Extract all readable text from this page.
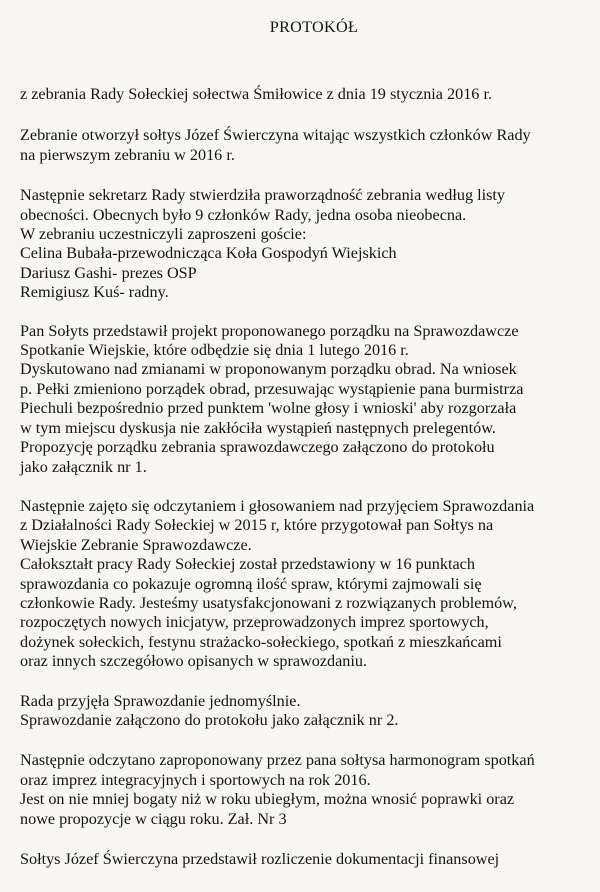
PROTOKÓŁ
z zebrania Rady Sołeckiej sołectwa Śmiłowice z dnia 19 stycznia 2016 r.
Zebranie otworzył sołtys Józef Świerczyna witając wszystkich członków Rady
na pierwszym zebraniu w 2016 r.
Następnie sekretarz Rady stwierdziła praworządność zebrania według listy
obecności. Obecnych było 9 członków Rady, jedna osoba nieobecna.
W zebraniu uczestniczyli zaproszeni goście:
Celina Bubała-przewodnicząca Koła Gospodyń Wiejskich
Dariusz Gashi- prezes OSP
Remigiusz Kuś- radny.
Pan Sołyts przedstawił projekt proponowanego porządku na Sprawozdawcze
Spotkanie Wiejskie, które odbędzie się dnia 1 lutego 2016 r.
Dyskutowano nad zmianami w proponowanym porządku obrad. Na wniosek
p. Pełki zmieniono porządek obrad, przesuwając wystąpienie pana burmistrza
Piechuli bezpośrednio przed punktem 'wolne głosy i wnioski' aby rozgorzała
w tym miejscu dyskusja nie zakłóciła wystąpień następnych prelegentów.
Propozycję porządku zebrania sprawozdawczego załączono do protokołu
jako załącznik nr 1.
Następnie zajęto się odczytaniem i głosowaniem nad przyjęciem Sprawozdania
z Działalności Rady Sołeckiej w 2015 r, które przygotował pan Sołtys na
Wiejskie Zebranie Sprawozdawcze.
Całokształt pracy Rady Sołeckiej został przedstawiony w 16 punktach
sprawozdania co pokazuje ogromną ilość spraw, którymi zajmowali się
członkowie Rady. Jesteśmy usatysfakcjonowani z rozwiązanych problemów,
rozpoczętych nowych inicjatyw, przeprowadzonych imprez sportowych,
dożynek sołeckich, festynu strażacko-sołeckiego, spotkań z mieszkańcami
oraz innych szczegółowo opisanych w sprawozdaniu.
Rada przyjęła Sprawozdanie jednomyślnie.
Sprawozdanie załączono do protokołu jako załącznik nr 2.
Następnie odczytano zaproponowany przez pana sołtysa harmonogram spotkań
oraz imprez integracyjnych i sportowych na rok 2016.
Jest on nie mniej bogaty niż w roku ubiegłym, można wnosić poprawki oraz
nowe propozycje w ciągu roku. Zał. Nr 3
Sołtys Józef Świerczyna przedstawił rozliczenie dokumentacji finansowej
